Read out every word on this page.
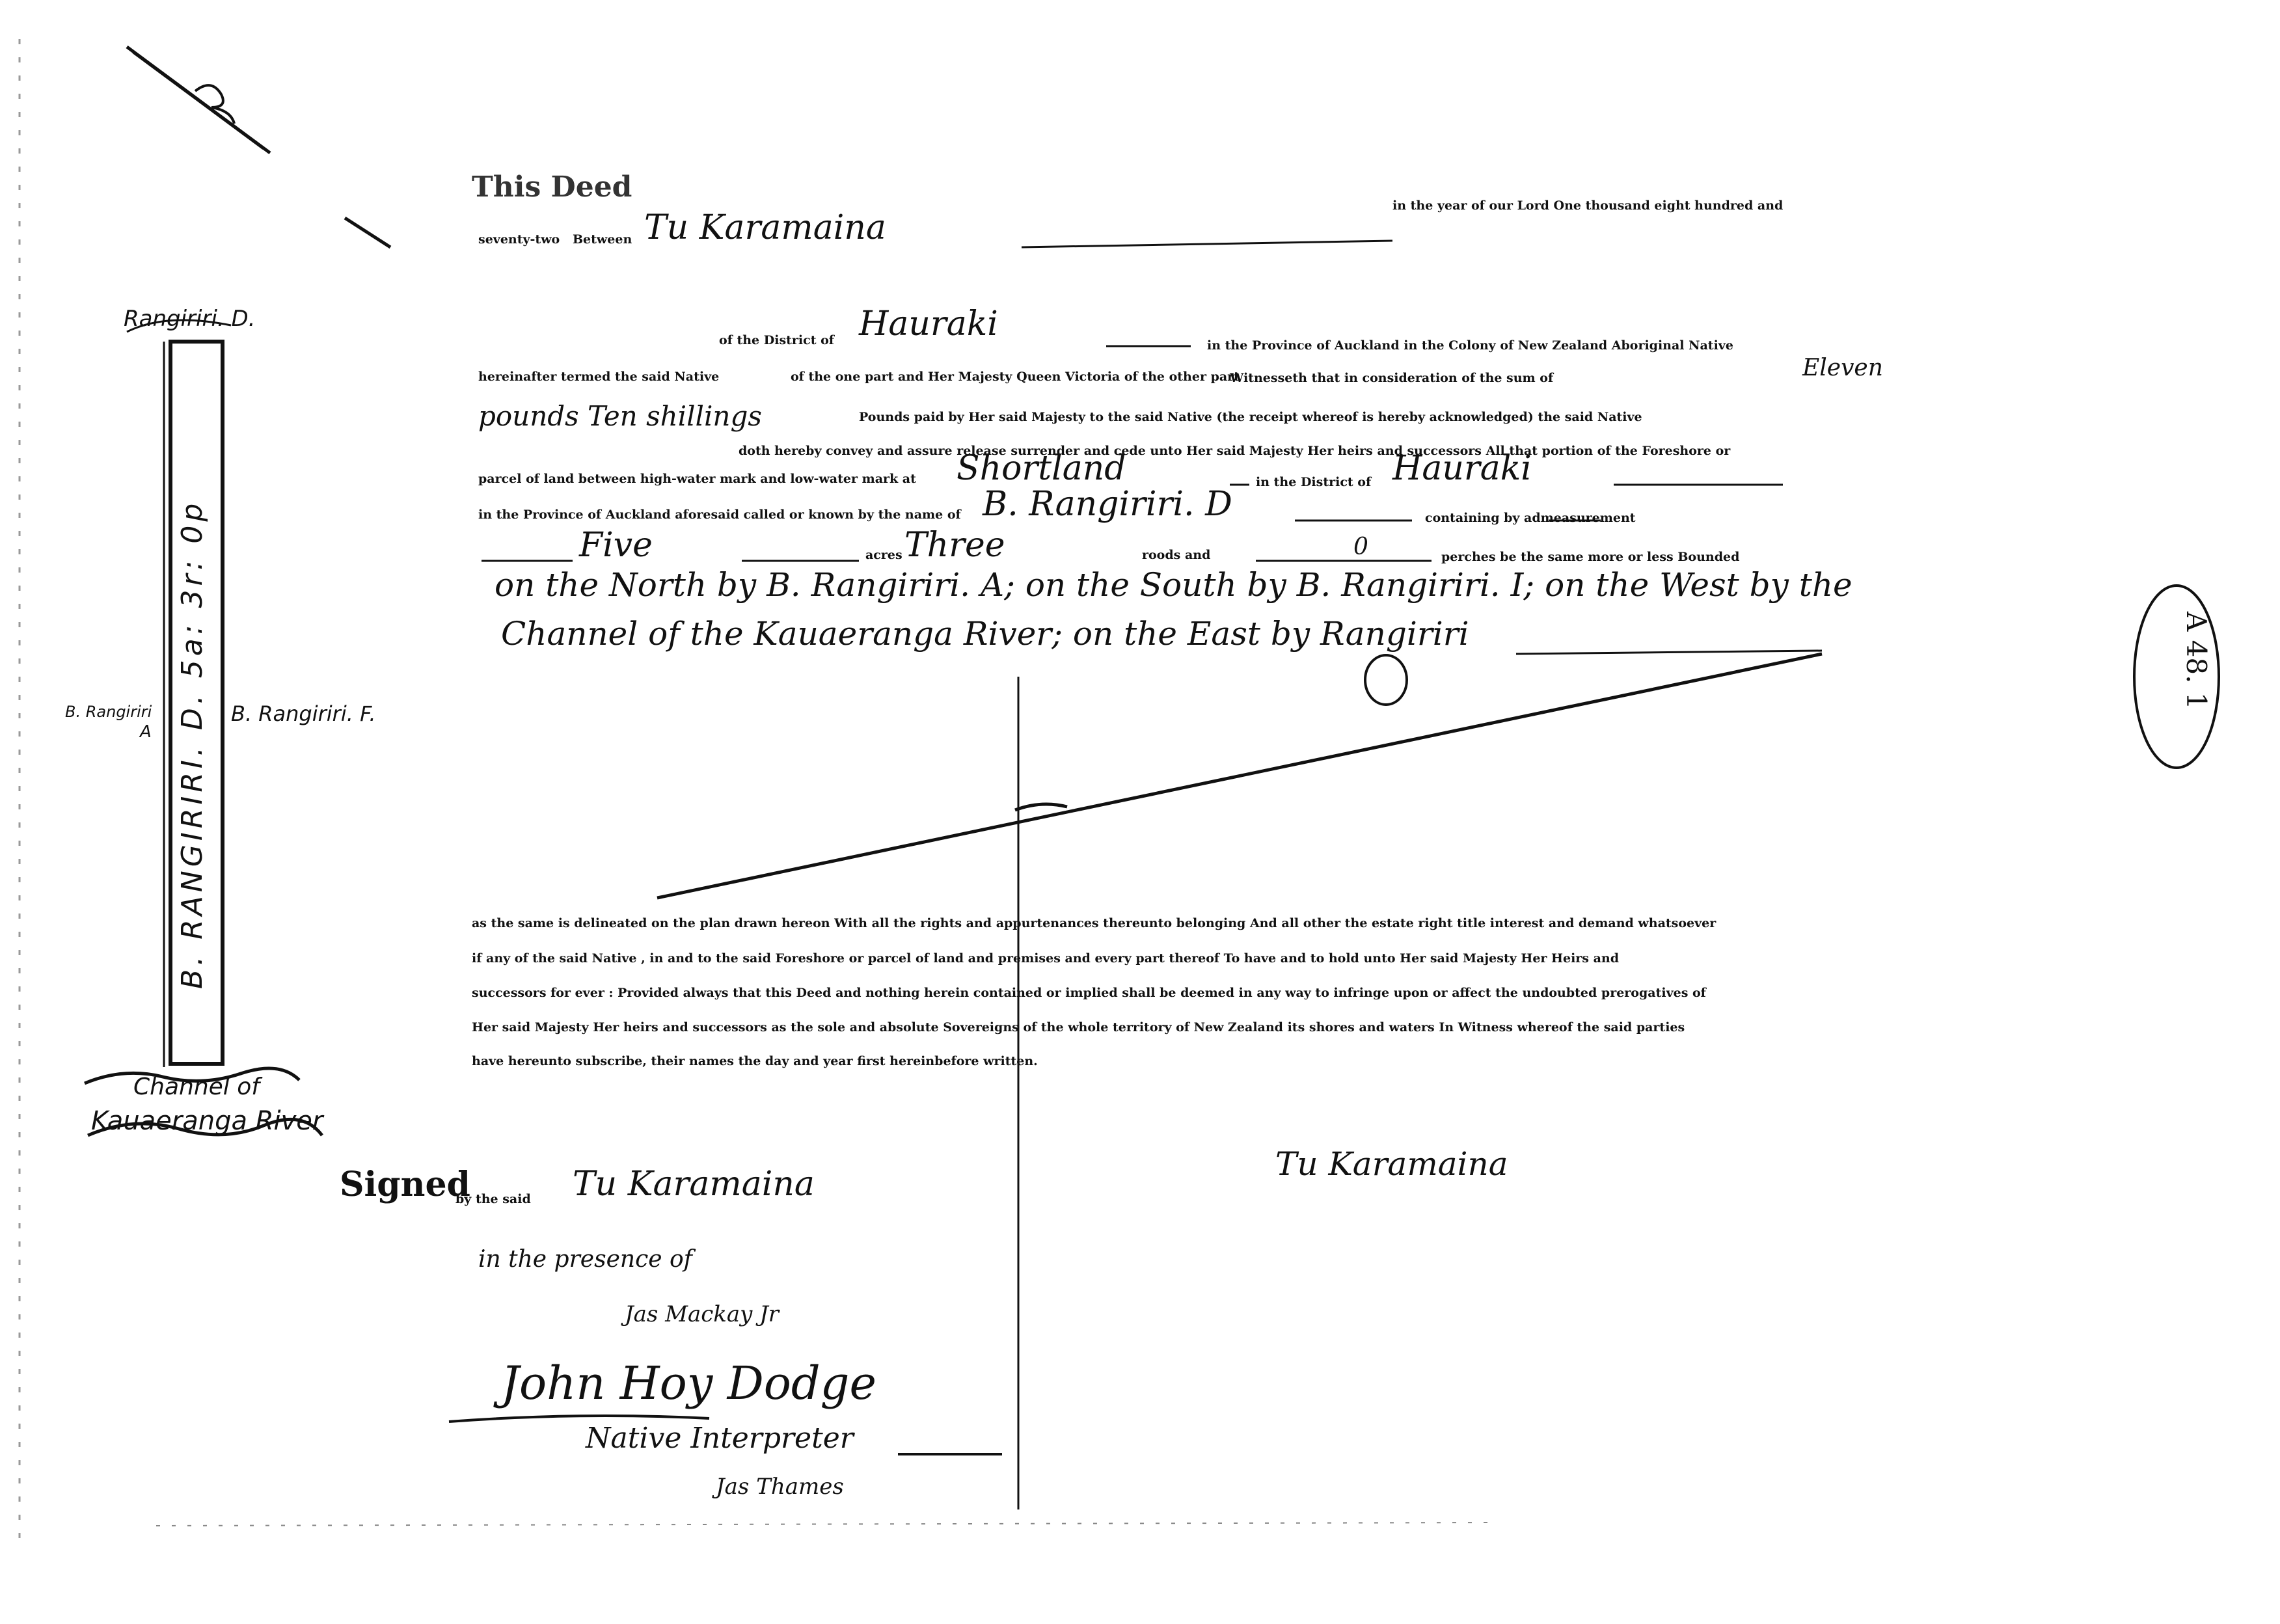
Rangiriri. D.
B. RANGIRIRI. D. 5a: 3r: 0p
B. Rangiriri
A
B. Rangiriri. F.
Channel of
Kauaeranga River
A 48. 1
This Deed
in the year of our Lord One thousand eight hundred and
seventy-two Between Tu Karamaina
of the District of Hauraki
in the Province of Auckland in the Colony of New Zealand Aboriginal Native
hereinafter termed the said Native	of the one part and Her Majesty Queen Victoria of the other part
Witnesseth that in consideration of the sum of	Eleven
pounds Ten shillings	Pounds paid by Her said Majesty to the said Native (the receipt whereof is hereby acknowledged) the said Native
doth hereby convey and assure release surrender and cede unto Her said Majesty Her heirs and successors All that portion of the Foreshore or
parcel of land between high-water mark and low-water mark at Shortland	in the District of Hauraki
in the Province of Auckland aforesaid called or known by the name of B. Rangiriri. D	containing by admeasurement
Five	acres Three	roods and	0	perches be the same more or less Bounded
on the North by B. Rangiriri. A; on the South by B. Rangiriri. I; on the West by the
Channel of the Kauaeranga River; on the East by Rangiriri
as the same is delineated on the plan drawn hereon With all the rights and appurtenances thereunto belonging And all other the estate right title interest and demand whatsoever
if any of the said Native , in and to the said Foreshore or parcel of land and premises and every part thereof To have and to hold unto Her said Majesty Her Heirs and
successors for ever : Provided always that this Deed and nothing herein contained or implied shall be deemed in any way to infringe upon or affect the undoubted prerogatives of
Her said Majesty Her heirs and successors as the sole and absolute Sovereigns of the whole territory of New Zealand its shores and waters In Witness whereof the said parties
have hereunto subscribe, their names the day and year first hereinbefore written.
Signed
by the said Tu Karamaina
in the presence of
Jas Mackay Jr
John Hoy Dodge
Native Interpreter
Jas Thames
Tu Karamaina
